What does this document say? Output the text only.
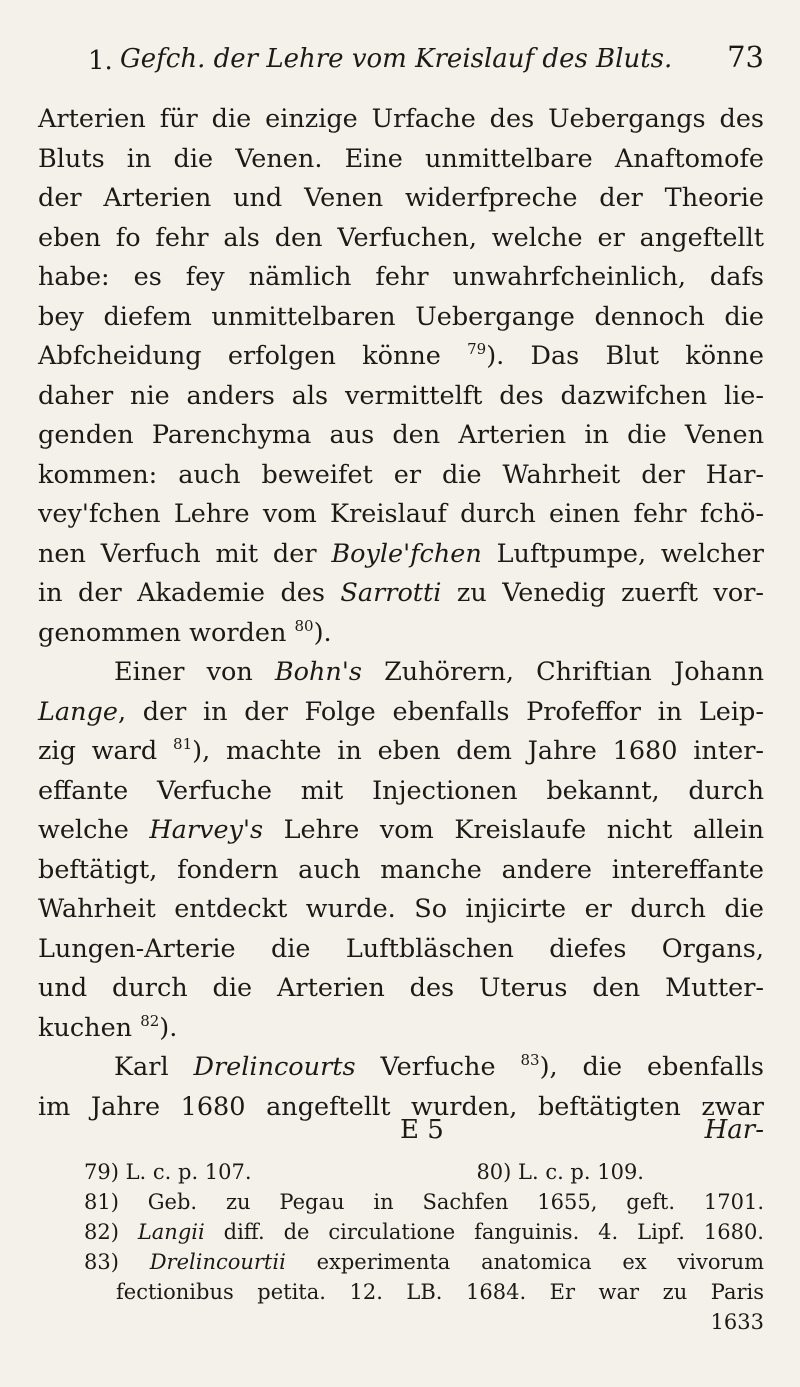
1. Gefch. der Lehre vom Kreislauf des Bluts. 73
Arterien für die einzige Urfache des Uebergangs des
Bluts in die Venen. Eine unmittelbare Anaftomofe
der Arterien und Venen widerfpreche der Theorie
eben fo fehr als den Verfuchen, welche er angeftellt
habe: es fey nämlich fehr unwahrfcheinlich, dafs
bey diefem unmittelbaren Uebergange dennoch die
Abfcheidung erfolgen könne $^{79}$). Das Blut könne
daher nie anders als vermittelft des dazwifchen lie-
genden Parenchyma aus den Arterien in die Venen
kommen: auch beweifet er die Wahrheit der Har-
vey'fchen Lehre vom Kreislauf durch einen fehr fchö-
nen Verfuch mit der Boyle'fchen Luftpumpe, welcher
in der Akademie des Sarrotti zu Venedig zuerft vor-
genommen worden $^{80}$).
Einer von Bohn's Zuhörern, Chriftian Johann
Lange, der in der Folge ebenfalls Profeffor in Leip-
zig ward $^{81}$), machte in eben dem Jahre 1680 inter-
effante Verfuche mit Injectionen bekannt, durch
welche Harvey's Lehre vom Kreislaufe nicht allein
beftätigt, fondern auch manche andere intereffante
Wahrheit entdeckt wurde. So injicirte er durch die
Lungen-Arterie die Luftbläschen diefes Organs,
und durch die Arterien des Uterus den Mutter-
kuchen $^{82}$).
Karl Drelincourts Verfuche $^{83}$), die ebenfalls
im Jahre 1680 angeftellt wurden, beftätigten zwar
E 5	Har-
79) L. c. p. 107.	80) L. c. p. 109.
81) Geb. zu Pegau in Sachfen 1655, geft. 1701.
82) Langii diff. de circulatione fanguinis. 4. Lipf. 1680.
83) Drelincourtii experimenta anatomica ex vivorum
fectionibus petita. 12. LB. 1684. Er war zu Paris
1633
